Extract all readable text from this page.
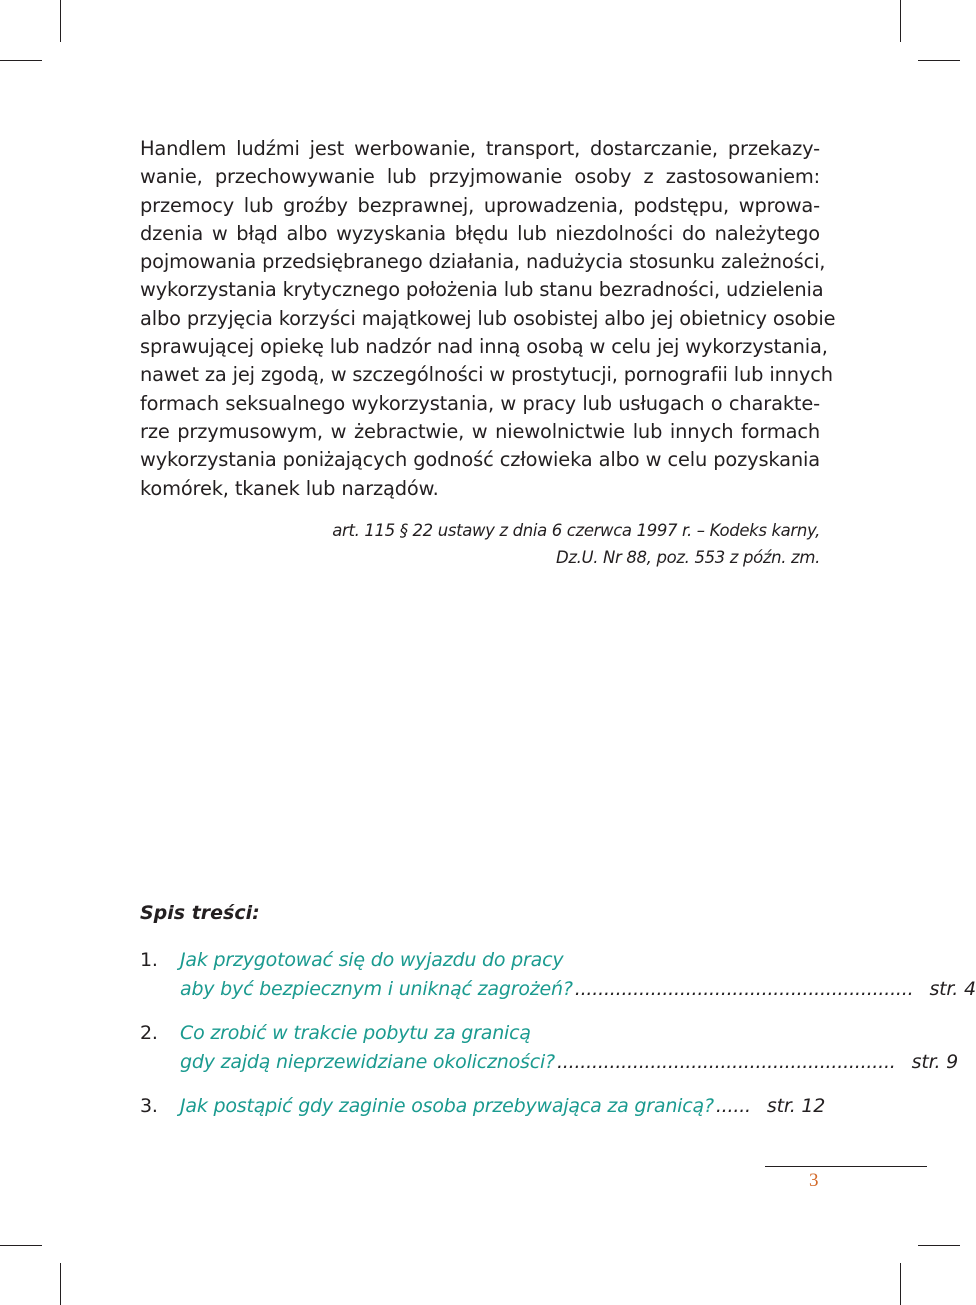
Handlem ludźmi jest werbowanie, transport, dostarczanie, przekazy-
wanie, przechowywanie lub przyjmowanie osoby z zastosowaniem:
przemocy lub groźby bezprawnej, uprowadzenia, podstępu, wprowa-
dzenia w błąd albo wyzyskania błędu lub niezdolności do należytego
pojmowania przedsiębranego działania, nadużycia stosunku zależności,
wykorzystania krytycznego położenia lub stanu bezradności, udzielenia
albo przyjęcia korzyści majątkowej lub osobistej albo jej obietnicy osobie
sprawującej opiekę lub nadzór nad inną osobą w celu jej wykorzystania,
nawet za jej zgodą, w szczególności w prostytucji, pornografii lub innych
formach seksualnego wykorzystania, w pracy lub usługach o charakte-
rze przymusowym, w żebractwie, w niewolnictwie lub innych formach
wykorzystania poniżających godność człowieka albo w celu pozyskania
komórek, tkanek lub narządów.
art. 115 § 22 ustawy z dnia 6 czerwca 1997 r. – Kodeks karny,
Dz.U. Nr 88, poz. 553 z późn. zm.
Spis treści:
1. Jak przygotować się do wyjazdu do pracy
aby być bezpiecznym i uniknąć zagrożeń? .......................................................... str. 4
2. Co zrobić w trakcie pobytu za granicą
gdy zajdą nieprzewidziane okoliczności? .......................................................... str. 9
3. Jak postąpić gdy zaginie osoba przebywająca za granicą? ...... str. 12
3
